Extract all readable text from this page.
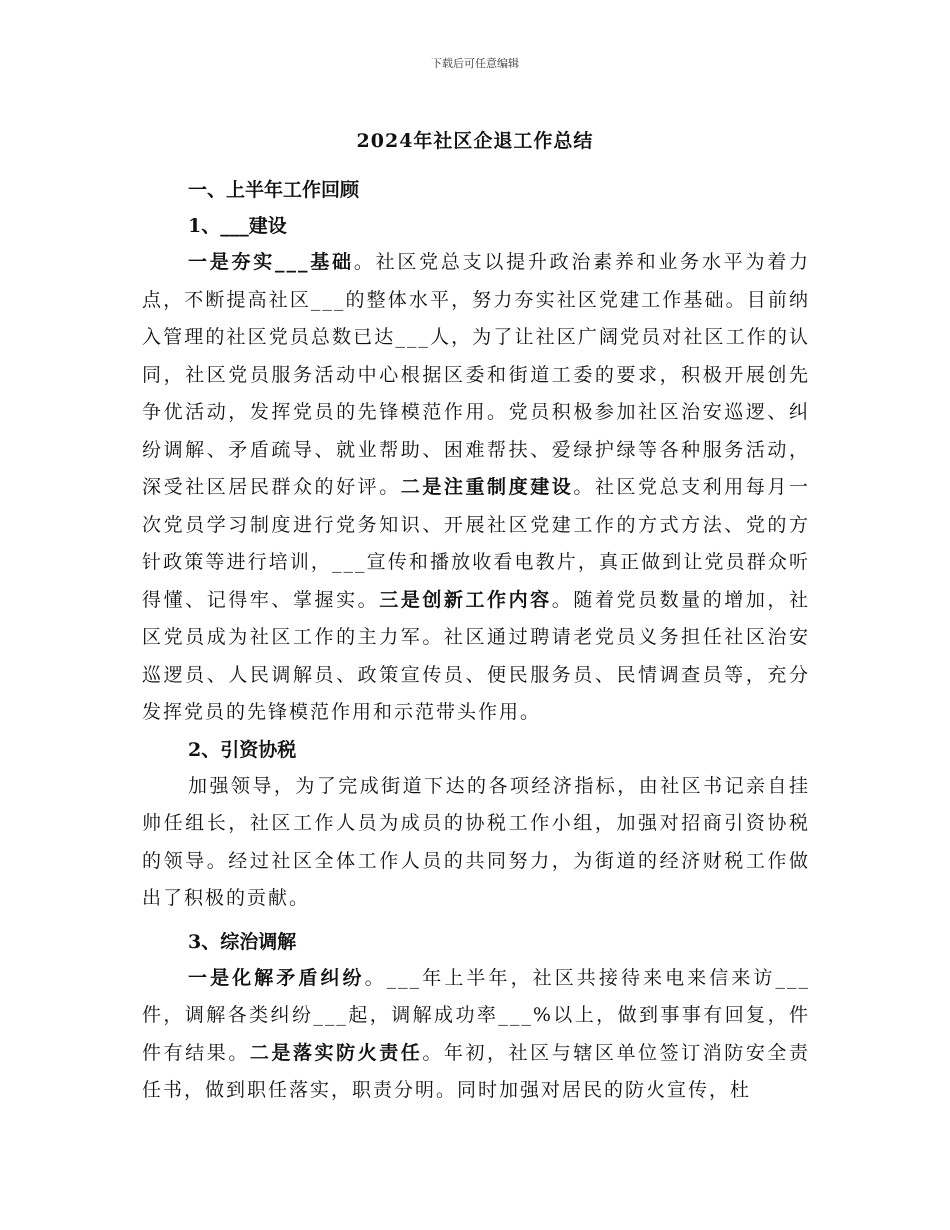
下载后可任意编辑
2024年社区企退工作总结

一、上半年工作回顾

1、___建设

一是夯实___基础。社区党总支以提升政治素养和业务水平为着力点，不断提高社区___的整体水平，努力夯实社区党建工作基础。目前纳入管理的社区党员总数已达___人，为了让社区广阔党员对社区工作的认同，社区党员服务活动中心根据区委和街道工委的要求，积极开展创先争优活动，发挥党员的先锋模范作用。党员积极参加社区治安巡逻、纠纷调解、矛盾疏导、就业帮助、困难帮扶、爱绿护绿等各种服务活动，深受社区居民群众的好评。二是注重制度建设。社区党总支利用每月一次党员学习制度进行党务知识、开展社区党建工作的方式方法、党的方针政策等进行培训，___宣传和播放收看电教片，真正做到让党员群众听得懂、记得牢、掌握实。三是创新工作内容。随着党员数量的增加，社区党员成为社区工作的主力军。社区通过聘请老党员义务担任社区治安巡逻员、人民调解员、政策宣传员、便民服务员、民情调查员等，充分发挥党员的先锋模范作用和示范带头作用。

2、引资协税

加强领导，为了完成街道下达的各项经济指标，由社区书记亲自挂帅任组长，社区工作人员为成员的协税工作小组，加强对招商引资协税的领导。经过社区全体工作人员的共同努力，为街道的经济财税工作做出了积极的贡献。

3、综治调解

一是化解矛盾纠纷。___年上半年，社区共接待来电来信来访___件，调解各类纠纷___起，调解成功率___%以上，做到事事有回复，件件有结果。二是落实防火责任。年初，社区与辖区单位签订消防安全责任书，做到职任落实，职责分明。同时加强对居民的防火宣传，杜
